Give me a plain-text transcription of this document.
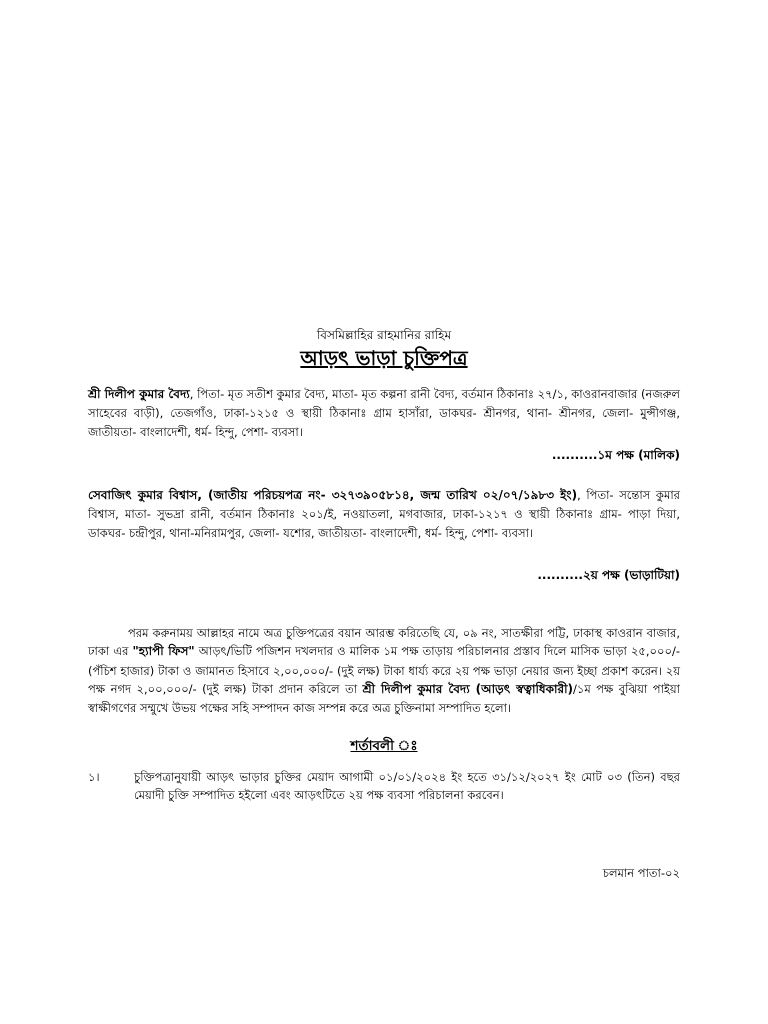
বিসমিল্লাহির রাহমানির রাহিম
আড়ৎ ভাড়া চুক্তিপত্র
শ্রী দিলীপ কুমার বৈদ্য, পিতা- মৃত সতীশ কুমার বৈদ্য, মাতা- মৃত কল্পনা রানী বৈদ্য, বর্তমান ঠিকানাঃ ২৭/১, কাওরানবাজার (নজরুল সাহেবের বাড়ী), তেজগাঁও, ঢাকা-১২১৫ ও স্থায়ী ঠিকানাঃ গ্রাম হাসাঁরা, ডাকঘর- শ্রীনগর, থানা- শ্রীনগর, জেলা- মুন্সীগঞ্জ, জাতীয়তা- বাংলাদেশী, ধর্ম- হিন্দু, পেশা- ব্যবসা।
..........১ম পক্ষ (মালিক)
সেবাজিৎ কুমার বিশ্বাস, (জাতীয় পরিচয়পত্র নং- ৩২৭৩৯০৫৮১৪, জন্ম তারিখ ০২/০৭/১৯৮৩ ইং), পিতা- সন্তোস কুমার বিশ্বাস, মাতা- সুভদ্রা রানী, বর্তমান ঠিকানাঃ ২০১/ই, নওয়াতলা, মগবাজার, ঢাকা-১২১৭ ও স্থায়ী ঠিকানাঃ গ্রাম- পাড়া দিয়া, ডাকঘর- চন্দ্রীপুর, থানা-মনিরামপুর, জেলা- যশোর, জাতীয়তা- বাংলাদেশী, ধর্ম- হিন্দু, পেশা- ব্যবসা।
..........২য় পক্ষ (ভাড়াটিয়া)
পরম করুনাময় আল্লাহর নামে অত্র চুক্তিপত্রের বয়ান আরম্ভ করিতেছি যে, ০৯ নং, সাতক্ষীরা পট্টি, ঢাকাস্থ কাওরান বাজার, ঢাকা এর "হ্যাপী ফিস" আড়ৎ/ভিটি পজিশন দখলদার ও মালিক ১ম পক্ষ তাড়ায় পরিচালনার প্রস্তাব দিলে মাসিক ভাড়া ২৫,০০০/- (পঁচিশ হাজার) টাকা ও জামানত হিসাবে ২,০০,০০০/- (দুই লক্ষ) টাকা ধার্য্য করে ২য় পক্ষ ভাড়া নেয়ার জন্য ইচ্ছা প্রকাশ করেন। ২য় পক্ষ নগদ ২,০০,০০০/- (দুই লক্ষ) টাকা প্রদান করিলে তা শ্রী দিলীপ কুমার বৈদ্য (আড়ৎ স্বত্বাধিকারী)/১ম পক্ষ বুঝিয়া পাইয়া স্বাক্ষীগণের সম্মুখে উভয় পক্ষের সহি সম্পাদন কাজ সম্পন্ন করে অত্র চুক্তিনামা সম্পাদিত হলো।
শর্তাবলী ঃ
১।	চুক্তিপত্রানুযায়ী আড়ৎ ভাড়ার চুক্তির মেয়াদ আগামী ০১/০১/২০২৪ ইং হতে ৩১/১২/২০২৭ ইং মোট ০৩ (তিন) বছর মেয়াদী চুক্তি সম্পাদিত হইলো এবং আড়ৎটিতে ২য় পক্ষ ব্যবসা পরিচালনা করবেন।
চলমান পাতা-০২
